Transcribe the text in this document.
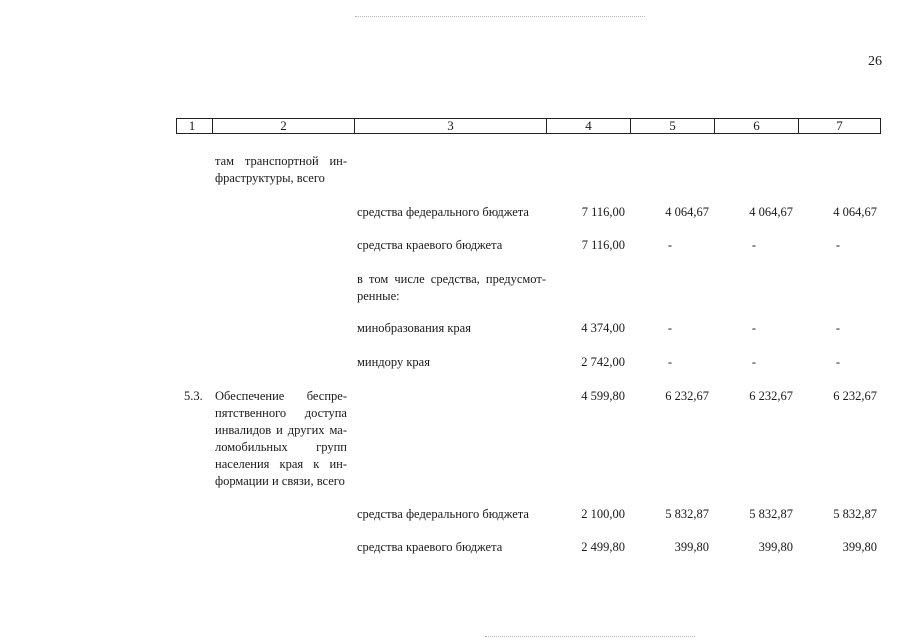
26
1	2	3	4	5	6	7
там транспортной ин-
фраструктуры, всего
средства федерального бюджета	7 116,00	4 064,67	4 064,67	4 064,67
средства краевого бюджета	7 116,00	-	-	-
в том числе средства, предусмот-
ренные:
минобразования края	4 374,00	-	-	-
миндору края	2 742,00	-	-	-
5.3. Обеспечение беспре-
пятственного доступа
инвалидов и других ма-
ломобильных групп
населения края к ин-
формации и связи, всего
4 599,80	6 232,67	6 232,67	6 232,67
средства федерального бюджета	2 100,00	5 832,87	5 832,87	5 832,87
средства краевого бюджета	2 499,80	399,80	399,80	399,80
